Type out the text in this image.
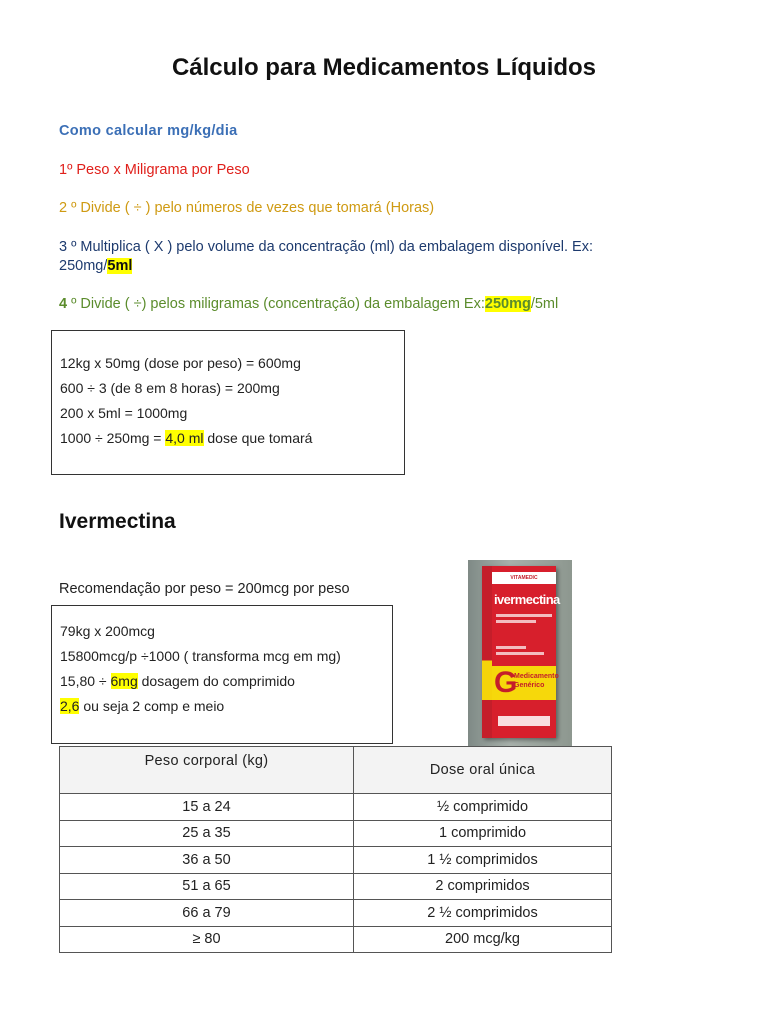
Cálculo para Medicamentos Líquidos
Como calcular mg/kg/dia
1º Peso x Miligrama por Peso
2 º Divide ( ÷ ) pelo números de vezes que tomará (Horas)
3 º Multiplica ( X ) pelo volume da concentração (ml) da embalagem disponível. Ex:
250mg/5ml
4 º Divide ( ÷) pelos miligramas (concentração) da embalagem Ex:250mg/5ml
12kg x 50mg (dose por peso) = 600mg
600 ÷ 3 (de 8 em 8 horas) = 200mg
200 x 5ml = 1000mg
1000 ÷ 250mg = 4,0 ml dose que tomará
Ivermectina
Recomendação por peso = 200mcg por peso
79kg x 200mcg
15800mcg/p ÷1000 ( transforma mcg em mg)
15,80 ÷ 6mg dosagem do comprimido
2,6 ou seja 2 comp e meio
VITAMEDIC
ivermectina
G
Medicamento Genérico
Peso corporal (kg)	Dose oral única
15 a 24	½ comprimido
25 a 35	1 comprimido
36 a 50	1 ½ comprimidos
51 a 65	2 comprimidos
66 a 79	2 ½ comprimidos
≥ 80	200 mcg/kg
